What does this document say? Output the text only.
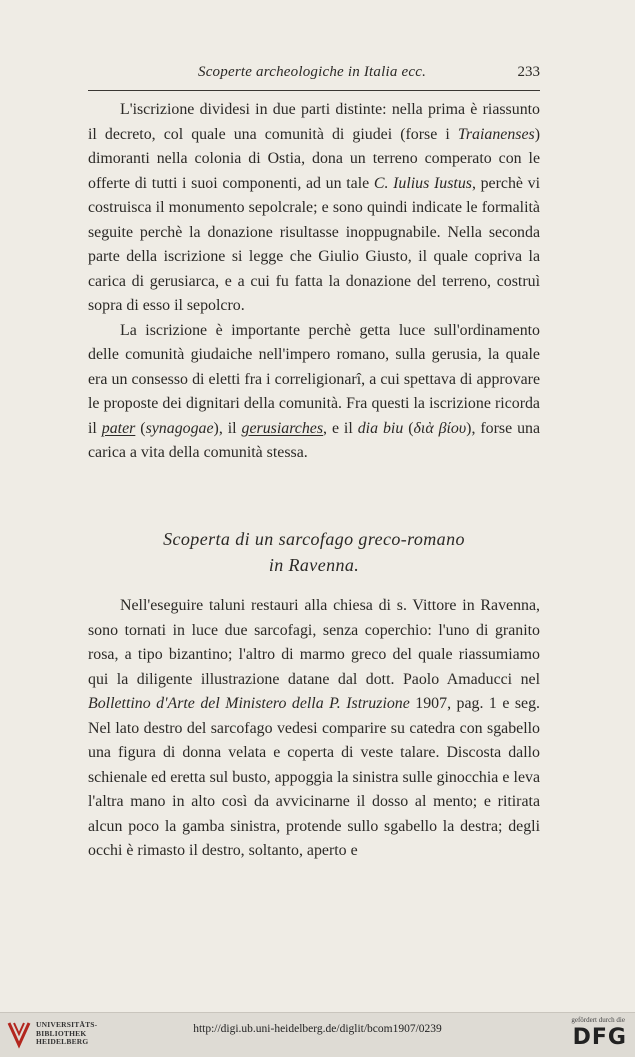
Scoperte archeologiche in Italia ecc.	233

L'iscrizione dividesi in due parti distinte: nella prima è riassunto il decreto, col quale una comunità di giudei (forse i Traianenses) dimoranti nella colonia di Ostia, dona un terreno comperato con le offerte di tutti i suoi componenti, ad un tale C. Iulius Iustus, perchè vi costruisca il monumento sepolcrale; e sono quindi indicate le formalità seguite perchè la donazione risultasse inoppugnabile. Nella seconda parte della iscrizione si legge che Giulio Giusto, il quale copriva la carica di gerusiarca, e a cui fu fatta la donazione del terreno, costruì sopra di esso il sepolcro.

La iscrizione è importante perchè getta luce sull'ordinamento delle comunità giudaiche nell'impero romano, sulla gerusia, la quale era un consesso di eletti fra i correligionarî, a cui spettava di approvare le proposte dei dignitari della comunità. Fra questi la iscrizione ricorda il pater (synagogae), il gerusiarches, e il dia biu (διὰ βίου), forse una carica a vita della comunità stessa.

Scoperta di un sarcofago greco-romano
in Ravenna.

Nell'eseguire taluni restauri alla chiesa di s. Vittore in Ravenna, sono tornati in luce due sarcofagi, senza coperchio: l'uno di granito rosa, a tipo bizantino; l'altro di marmo greco del quale riassumiamo qui la diligente illustrazione datane dal dott. Paolo Amaducci nel Bollettino d'Arte del Ministero della P. Istruzione 1907, pag. 1 e seg. Nel lato destro del sarcofago vedesi comparire su catedra con sgabello una figura di donna velata e coperta di veste talare. Discosta dallo schienale ed eretta sul busto, appoggia la sinistra sulle ginocchia e leva l'altra mano in alto così da avvicinarne il dosso al mento; e ritirata alcun poco la gamba sinistra, protende sullo sgabello la destra; degli occhi è rimasto il destro, soltanto, aperto e

UNIVERSITÄTS-
BIBLIOTHEK
HEIDELBERG
http://digi.ub.uni-heidelberg.de/diglit/bcom1907/0239
gefördert durch die
DFG
